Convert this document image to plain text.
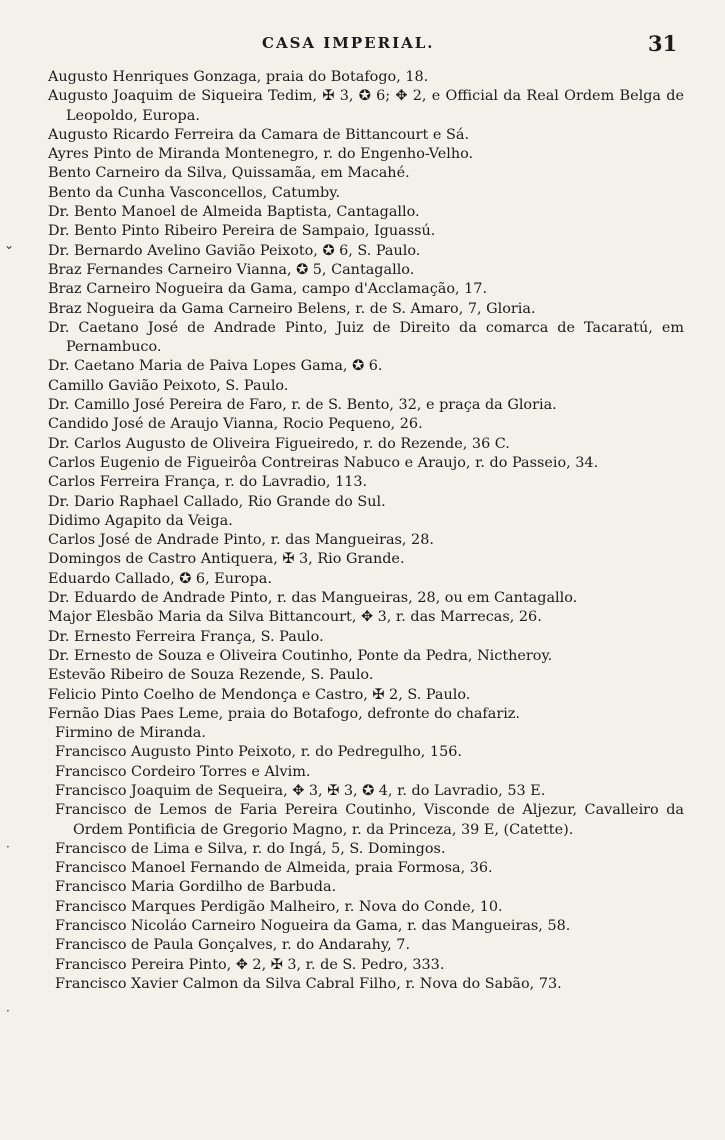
CASA IMPERIAL.	31
Augusto Henriques Gonzaga, praia do Botafogo, 18.
Augusto Joaquim de Siqueira Tedim, ✠ 3, ✪ 6; ✥ 2, e Official da Real Ordem Belga de Leopoldo, Europa.
Augusto Ricardo Ferreira da Camara de Bittancourt e Sá.
Ayres Pinto de Miranda Montenegro, r. do Engenho-Velho.
Bento Carneiro da Silva, Quissamãa, em Macahé.
Bento da Cunha Vasconcellos, Catumby.
Dr. Bento Manoel de Almeida Baptista, Cantagallo.
Dr. Bento Pinto Ribeiro Pereira de Sampaio, Iguassú.
Dr. Bernardo Avelino Gavião Peixoto, ✪ 6, S. Paulo.
Braz Fernandes Carneiro Vianna, ✪ 5, Cantagallo.
Braz Carneiro Nogueira da Gama, campo d'Acclamação, 17.
Braz Nogueira da Gama Carneiro Belens, r. de S. Amaro, 7, Gloria.
Dr. Caetano José de Andrade Pinto, Juiz de Direito da comarca de Tacaratú, em Pernambuco.
Dr. Caetano Maria de Paiva Lopes Gama, ✪ 6.
Camillo Gavião Peixoto, S. Paulo.
Dr. Camillo José Pereira de Faro, r. de S. Bento, 32, e praça da Gloria.
Candido José de Araujo Vianna, Rocio Pequeno, 26.
Dr. Carlos Augusto de Oliveira Figueiredo, r. do Rezende, 36 C.
Carlos Eugenio de Figueirôa Contreiras Nabuco e Araujo, r. do Passeio, 34.
Carlos Ferreira França, r. do Lavradio, 113.
Dr. Dario Raphael Callado, Rio Grande do Sul.
Didimo Agapito da Veiga.
Carlos José de Andrade Pinto, r. das Mangueiras, 28.
Domingos de Castro Antiquera, ✠ 3, Rio Grande.
Eduardo Callado, ✪ 6, Europa.
Dr. Eduardo de Andrade Pinto, r. das Mangueiras, 28, ou em Cantagallo.
Major Elesbão Maria da Silva Bittancourt, ✥ 3, r. das Marrecas, 26.
Dr. Ernesto Ferreira França, S. Paulo.
Dr. Ernesto de Souza e Oliveira Coutinho, Ponte da Pedra, Nictheroy.
Estevão Ribeiro de Souza Rezende, S. Paulo.
Felicio Pinto Coelho de Mendonça e Castro, ✠ 2, S. Paulo.
Fernão Dias Paes Leme, praia do Botafogo, defronte do chafariz.
Firmino de Miranda.
Francisco Augusto Pinto Peixoto, r. do Pedregulho, 156.
Francisco Cordeiro Torres e Alvim.
Francisco Joaquim de Sequeira, ✥ 3, ✠ 3, ✪ 4, r. do Lavradio, 53 E.
Francisco de Lemos de Faria Pereira Coutinho, Visconde de Aljezur, Cavalleiro da Ordem Pontificia de Gregorio Magno, r. da Princeza, 39 E, (Catette).
Francisco de Lima e Silva, r. do Ingá, 5, S. Domingos.
Francisco Manoel Fernando de Almeida, praia Formosa, 36.
Francisco Maria Gordilho de Barbuda.
Francisco Marques Perdigão Malheiro, r. Nova do Conde, 10.
Francisco Nicoláo Carneiro Nogueira da Gama, r. das Mangueiras, 58.
Francisco de Paula Gonçalves, r. do Andarahy, 7.
Francisco Pereira Pinto, ✥ 2, ✠ 3, r. de S. Pedro, 333.
Francisco Xavier Calmon da Silva Cabral Filho, r. Nova do Sabão, 73.
⌄
·
·
